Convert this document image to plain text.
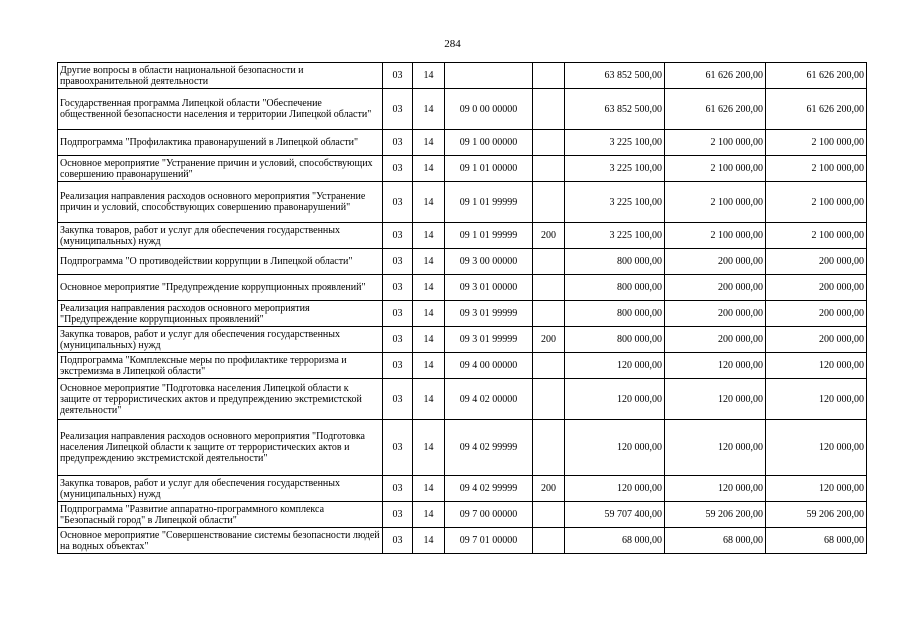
284
Другие вопросы в области национальной безопасности и правоохранительной деятельности	03	14			63 852 500,00	61 626 200,00	61 626 200,00
Государственная программа Липецкой области "Обеспечение общественной безопасности населения и территории Липецкой области"	03	14	09 0 00 00000		63 852 500,00	61 626 200,00	61 626 200,00
Подпрограмма "Профилактика правонарушений в Липецкой области"	03	14	09 1 00 00000		3 225 100,00	2 100 000,00	2 100 000,00
Основное мероприятие "Устранение причин и условий, способствующих совершению правонарушений"	03	14	09 1 01 00000		3 225 100,00	2 100 000,00	2 100 000,00
Реализация направления расходов основного мероприятия "Устранение причин и условий, способствующих совершению правонарушений"	03	14	09 1 01 99999		3 225 100,00	2 100 000,00	2 100 000,00
Закупка товаров, работ и услуг для обеспечения государственных (муниципальных) нужд	03	14	09 1 01 99999	200	3 225 100,00	2 100 000,00	2 100 000,00
Подпрограмма "О противодействии коррупции в Липецкой области"	03	14	09 3 00 00000		800 000,00	200 000,00	200 000,00
Основное мероприятие "Предупреждение коррупционных проявлений"	03	14	09 3 01 00000		800 000,00	200 000,00	200 000,00
Реализация направления расходов основного мероприятия "Предупреждение коррупционных проявлений"	03	14	09 3 01 99999		800 000,00	200 000,00	200 000,00
Закупка товаров, работ и услуг для обеспечения государственных (муниципальных) нужд	03	14	09 3 01 99999	200	800 000,00	200 000,00	200 000,00
Подпрограмма "Комплексные меры по профилактике терроризма и экстремизма в Липецкой области"	03	14	09 4 00 00000		120 000,00	120 000,00	120 000,00
Основное мероприятие "Подготовка населения Липецкой области к защите от террористических актов и предупреждению экстремистской деятельности"	03	14	09 4 02 00000		120 000,00	120 000,00	120 000,00
Реализация направления расходов основного мероприятия "Подготовка населения Липецкой области к защите от террористических актов и предупреждению экстремистской деятельности"	03	14	09 4 02 99999		120 000,00	120 000,00	120 000,00
Закупка товаров, работ и услуг для обеспечения государственных (муниципальных) нужд	03	14	09 4 02 99999	200	120 000,00	120 000,00	120 000,00
Подпрограмма "Развитие аппаратно-программного комплекса "Безопасный город" в Липецкой области"	03	14	09 7 00 00000		59 707 400,00	59 206 200,00	59 206 200,00
Основное мероприятие "Совершенствование системы безопасности людей на водных объектах"	03	14	09 7 01 00000		68 000,00	68 000,00	68 000,00
